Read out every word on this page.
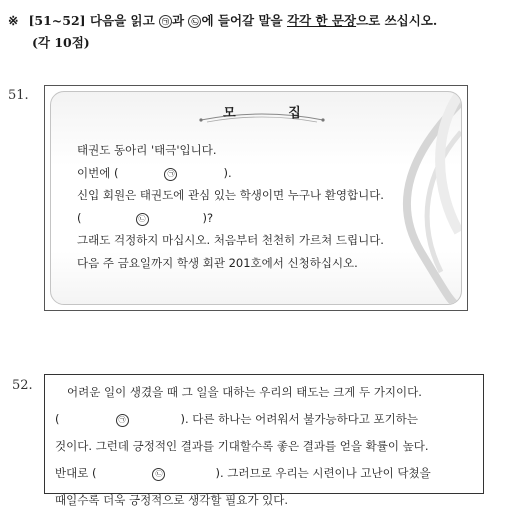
※ [51~52] 다음을 읽고 ㉠ 과 ㉡ 에 들어갈 말을 각각 한 문장으로 쓰십시오.
(각 10점)
51.
모 집
태권도 동아리 '태극'입니다.
이번에 (	㉠	).
신입 회원은 태권도에 관심 있는 학생이면 누구나 환영합니다.
(	㉡	)?
그래도 걱정하지 마십시오. 처음부터 천천히 가르쳐 드립니다.
다음 주 금요일까지 학생 회관 201호에서 신청하십시오.
52.	어려운 일이 생겼을 때 그 일을 대하는 우리의 태도는 크게 두 가지이다.
(	㉠	). 다른 하나는 어려워서 불가능하다고 포기하는
것이다. 그런데 긍정적인 결과를 기대할수록 좋은 결과를 얻을 확률이 높다.
반대로 (	㉡	). 그러므로 우리는 시련이나 고난이 닥쳤을
때일수록 더욱 긍정적으로 생각할 필요가 있다.
